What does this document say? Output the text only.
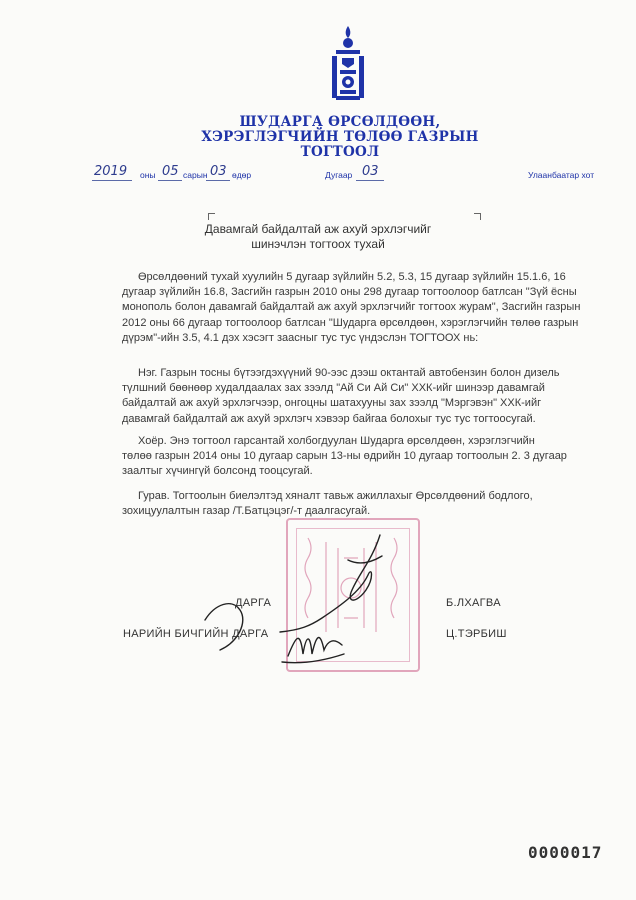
ШУДАРГА ӨРСӨЛДӨӨН,
ХЭРЭГЛЭГЧИЙН ТӨЛӨӨ ГАЗРЫН
ТОГТООЛ
2019 оны 05 сарын 03 өдөр	Дугаар 03	Улаанбаатар хот
Давамгай байдалтай аж ахуй эрхлэгчийг
шинэчлэн тогтоох тухай
Өрсөлдөөний тухай хуулийн 5 дугаар зүйлийн 5.2, 5.3, 15 дугаар зүйлийн 15.1.6, 16
дугаар зүйлийн 16.8, Засгийн газрын 2010 оны 298 дугаар тогтоолоор батлсан "Зүй ёсны
монополь болон давамгай байдалтай аж ахуй эрхлэгчийг тогтоох журам", Засгийн газрын
2012 оны 66 дугаар тогтоолоор батлсан "Шударга өрсөлдөөн, хэрэглэгчийн төлөө газрын
дүрэм"-ийн 3.5, 4.1 дэх хэсэгт заасныг тус тус үндэслэн ТОГТООХ нь:
Нэг. Газрын тосны бүтээгдэхүүний 90-ээс дээш октантай автобензин болон дизель
түлшний бөөнөөр худалдаалах зах зээлд "Ай Си Ай Си" ХХК-ийг шинээр давамгай
байдалтай аж ахуй эрхлэгчээр, онгоцны шатахууны зах зээлд "Мэргэвэн" ХХК-ийг
давамгай байдалтай аж ахуй эрхлэгч хэвээр байгаа болохыг тус тус тогтоосугай.
Хоёр. Энэ тогтоол гарсантай холбогдуулан Шударга өрсөлдөөн, хэрэглэгчийн
төлөө газрын 2014 оны 10 дугаар сарын 13-ны өдрийн 10 дугаар тогтоолын 2. 3 дугаар
заалтыг хүчингүй болсонд тооцсугай.
Гурав. Тогтоолын биелэлтэд хяналт тавьж ажиллахыг Өрсөлдөөний бодлого,
зохицуулалтын газар /Т.Батцэцэг/-т даалгасугай.
ДАРГА	Б.ЛХАГВА
НАРИЙН БИЧГИЙН ДАРГА	Ц.ТЭРБИШ
0000017
